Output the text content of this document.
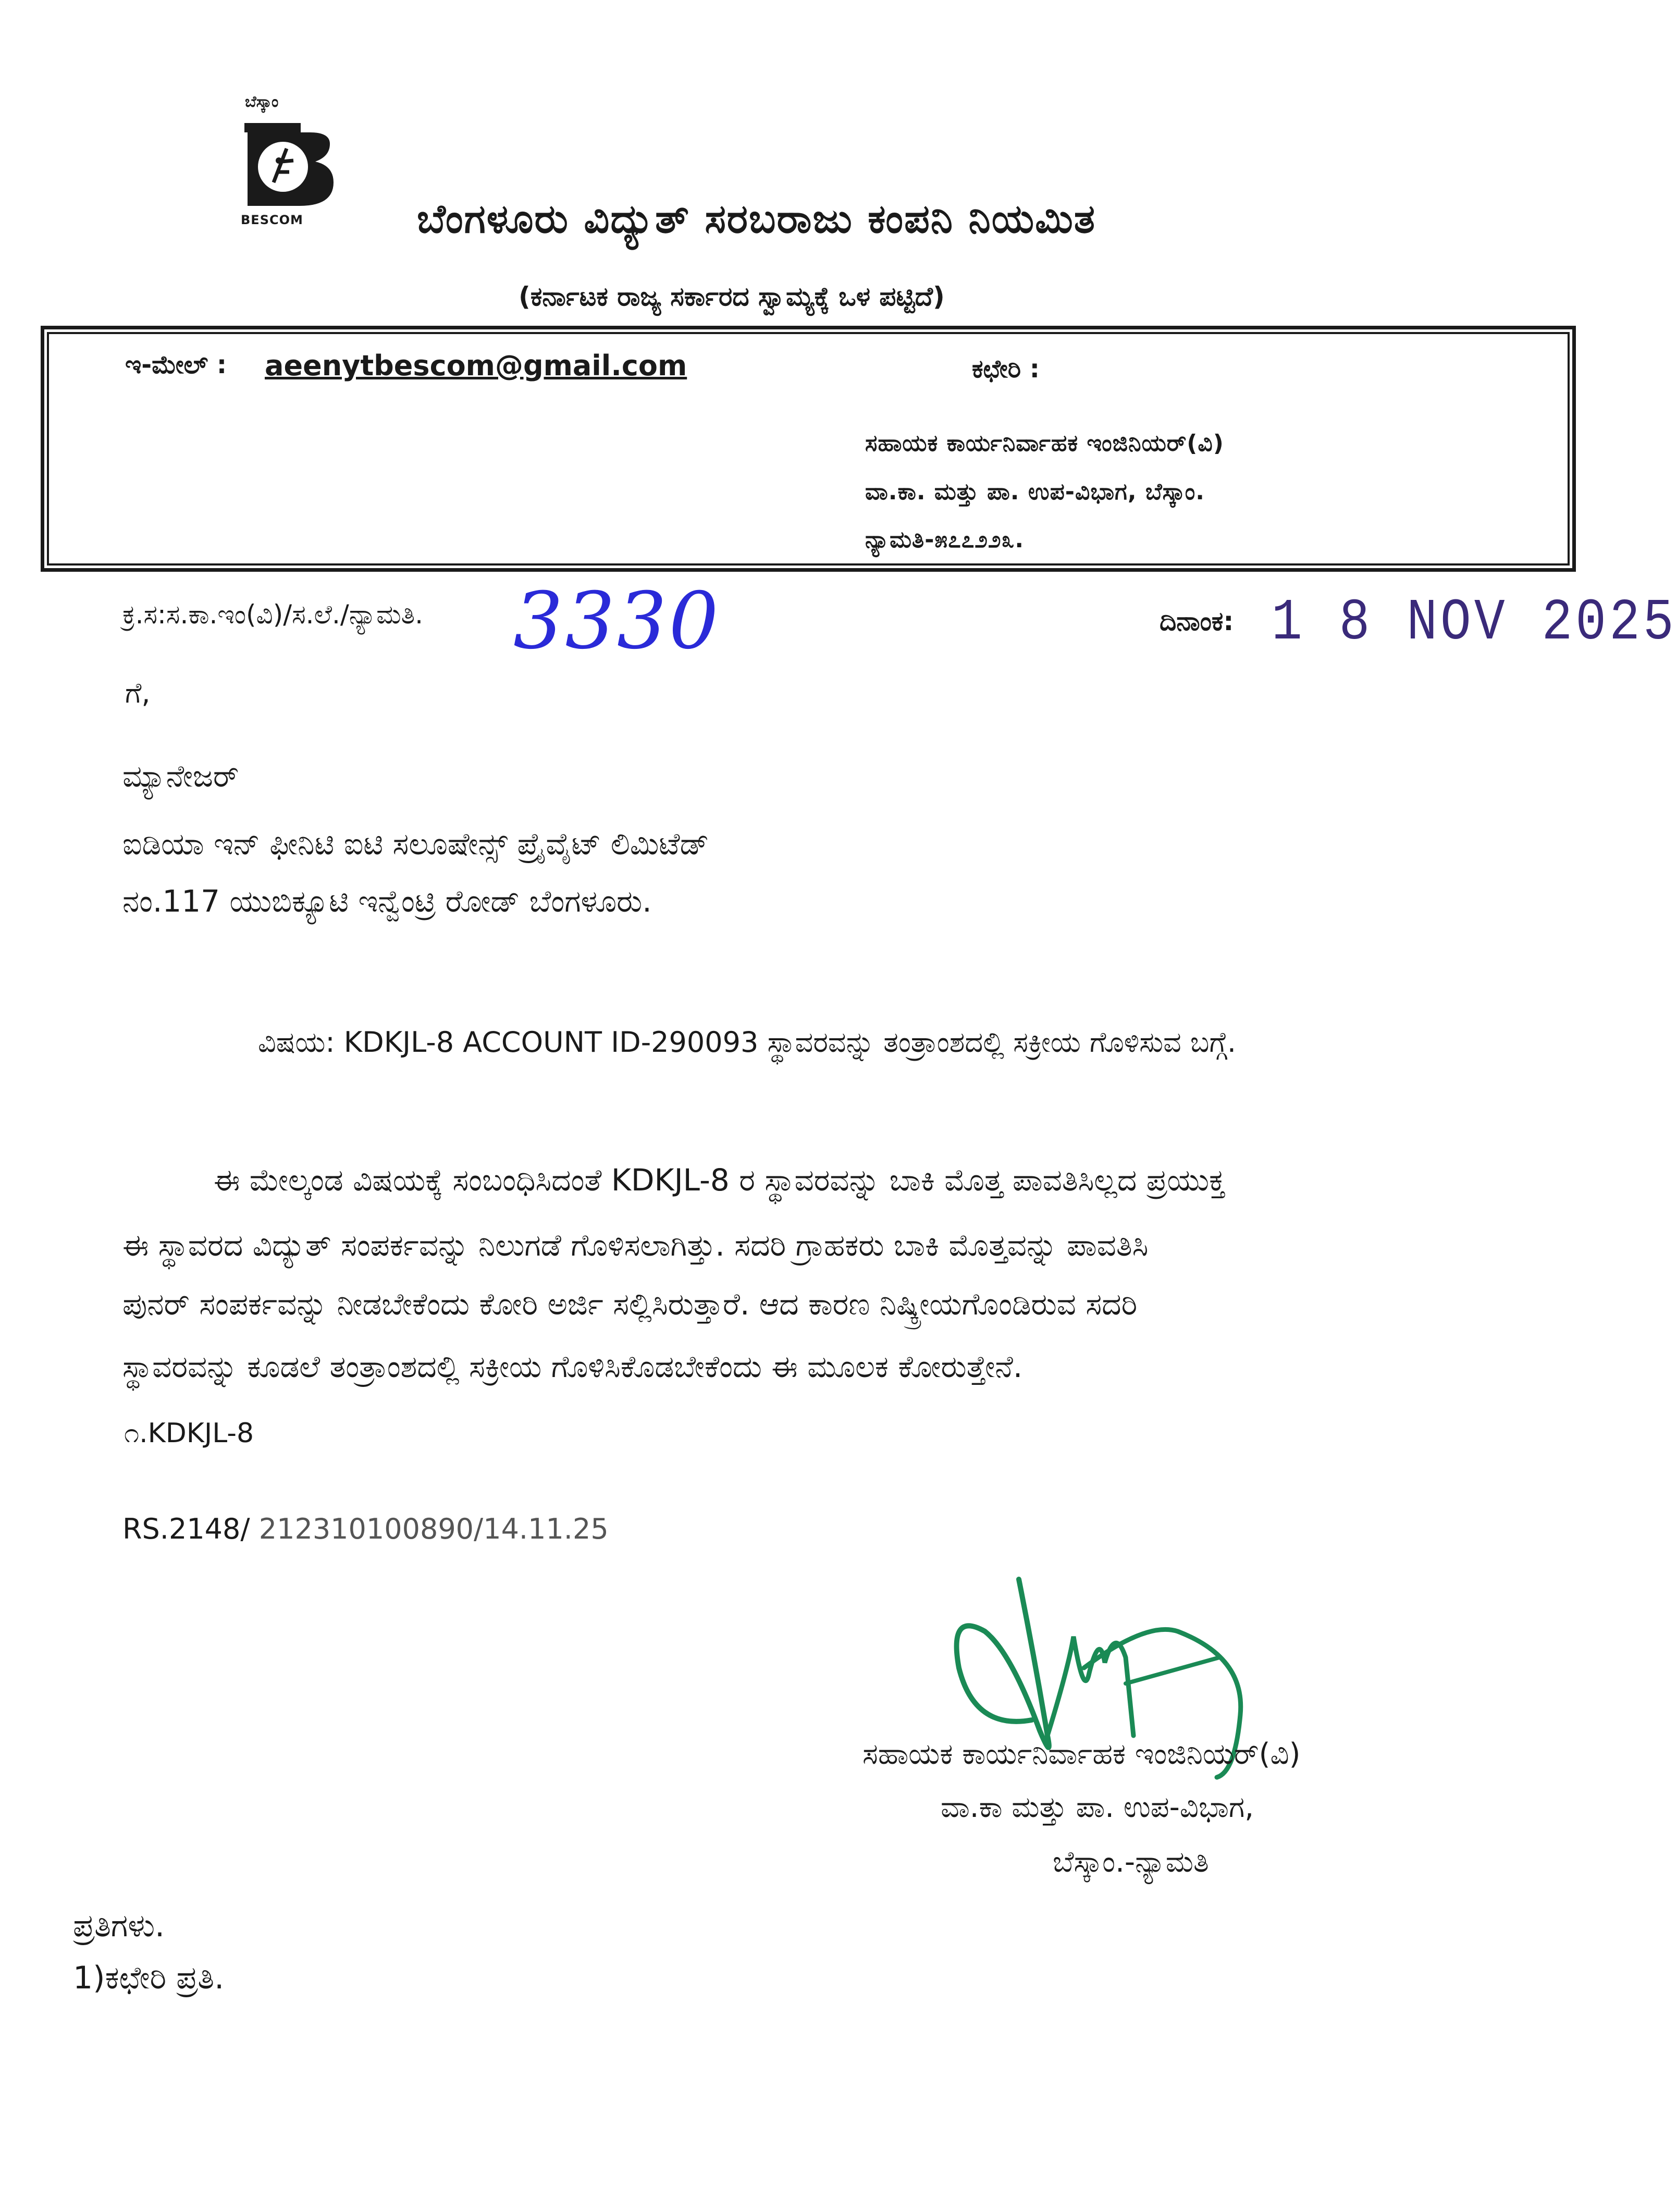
ಬೆಸ್ಕಾಂ
BESCOM	ಬೆಂಗಳೂರು ವಿದ್ಯುತ್ ಸರಬರಾಜು ಕಂಪನಿ ನಿಯಮಿತ
(ಕರ್ನಾಟಕ ರಾಜ್ಯ ಸರ್ಕಾರದ ಸ್ವಾಮ್ಯಕ್ಕೆ ಒಳ ಪಟ್ಟಿದೆ)
ಇ-ಮೇಲ್ : aeenytbescom@gmail.com	ಕಛೇರಿ :
ಸಹಾಯಕ ಕಾರ್ಯನಿರ್ವಾಹಕ ಇಂಜಿನಿಯರ್(ವಿ)
ವಾ.ಕಾ. ಮತ್ತು ಪಾ. ಉಪ-ವಿಭಾಗ, ಬೆಸ್ಕಾಂ.
ನ್ಯಾಮತಿ-೫೭೭೨೨೩.
ಕ್ರ.ಸ:ಸ.ಕಾ.ಇಂ(ವಿ)/ಸ.ಲೆ./ನ್ಯಾಮತಿ. 3330	ದಿನಾಂಕ: 1 8 NOV 2025
ಗೆ,
ಮ್ಯಾನೇಜರ್
ಐಡಿಯಾ ಇನ್ ಫೀನಿಟಿ ಐಟಿ ಸಲೂಷೇನ್ಸ್ ಪ್ರೈವೈಟ್ ಲಿಮಿಟೆಡ್
ನಂ.117 ಯುಬಿಕ್ಯೂಟಿ ಇನ್ವೆಂಟ್ರಿ ರೋಡ್ ಬೆಂಗಳೂರು.
ವಿಷಯ: KDKJL-8 ACCOUNT ID-290093 ಸ್ಥಾವರವನ್ನು ತಂತ್ರಾಂಶದಲ್ಲಿ ಸಕ್ರೀಯ ಗೊಳಿಸುವ ಬಗ್ಗೆ.
ಈ ಮೇಲ್ಕಂಡ ವಿಷಯಕ್ಕೆ ಸಂಬಂಧಿಸಿದಂತೆ KDKJL-8 ರ ಸ್ಥಾವರವನ್ನು ಬಾಕಿ ಮೊತ್ತ ಪಾವತಿಸಿಲ್ಲದ ಪ್ರಯುಕ್ತ
ಈ ಸ್ಥಾವರದ ವಿದ್ಯುತ್ ಸಂಪರ್ಕವನ್ನು ನಿಲುಗಡೆ ಗೊಳಿಸಲಾಗಿತ್ತು. ಸದರಿ ಗ್ರಾಹಕರು ಬಾಕಿ ಮೊತ್ತವನ್ನು ಪಾವತಿಸಿ
ಪುನರ್ ಸಂಪರ್ಕವನ್ನು ನೀಡಬೇಕೆಂದು ಕೋರಿ ಅರ್ಜಿ ಸಲ್ಲಿಸಿರುತ್ತಾರೆ. ಆದ ಕಾರಣ ನಿಷ್ಕ್ರೀಯಗೊಂಡಿರುವ ಸದರಿ
ಸ್ಥಾವರವನ್ನು ಕೂಡಲೆ ತಂತ್ರಾಂಶದಲ್ಲಿ ಸಕ್ರೀಯ ಗೊಳಿಸಿಕೊಡಬೇಕೆಂದು ಈ ಮೂಲಕ ಕೋರುತ್ತೇನೆ.
೧.KDKJL-8
RS.2148/ 212310100890/14.11.25
ಸಹಾಯಕ ಕಾರ್ಯನಿರ್ವಾಹಕ ಇಂಜಿನಿಯರ್(ವಿ)
ವಾ.ಕಾ ಮತ್ತು ಪಾ. ಉಪ-ವಿಭಾಗ,
ಬೆಸ್ಕಾಂ.-ನ್ಯಾಮತಿ
ಪ್ರತಿಗಳು.
1)ಕಛೇರಿ ಪ್ರತಿ.
